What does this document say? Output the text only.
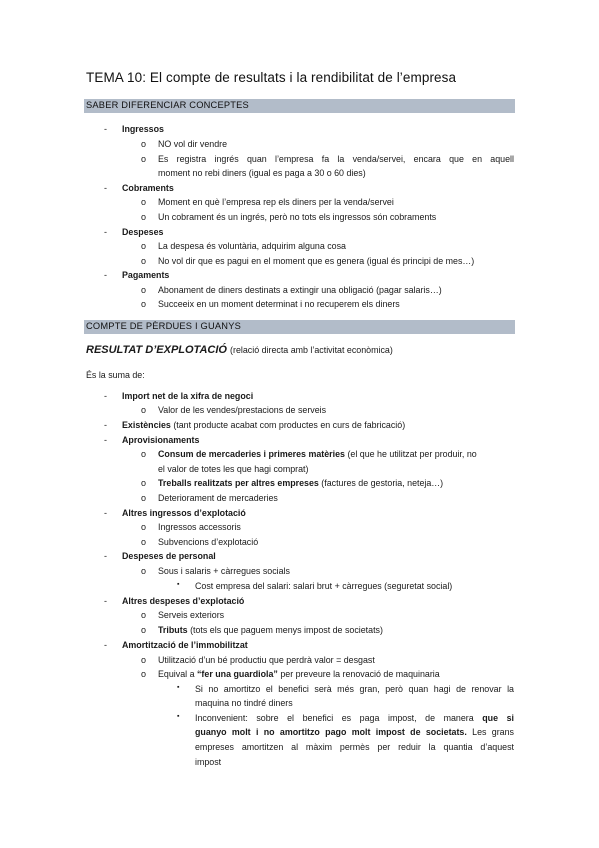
TEMA 10: El compte de resultats i la rendibilitat de l’empresa
SABER DIFERENCIAR CONCEPTES
- Ingressos
o NO vol dir vendre
o Es registra ingrés quan l’empresa fa la venda/servei, encara que en aquell
moment no rebi diners (igual es paga a 30 o 60 dies)
- Cobraments
o Moment en què l’empresa rep els diners per la venda/servei
o Un cobrament és un ingrés, però no tots els ingressos són cobraments
- Despeses
o La despesa és voluntària, adquirim alguna cosa
o No vol dir que es pagui en el moment que es genera (igual és principi de mes…)
- Pagaments
o Abonament de diners destinats a extingir una obligació (pagar salaris…)
o Succeeix en un moment determinat i no recuperem els diners
COMPTE DE PÈRDUES I GUANYS
RESULTAT D’EXPLOTACIÓ (relació directa amb l’activitat econòmica)
És la suma de:
- Import net de la xifra de negoci
o Valor de les vendes/prestacions de serveis
- Existències (tant producte acabat com productes en curs de fabricació)
- Aprovisionaments
o Consum de mercaderies i primeres matèries (el que he utilitzat per produir, no
el valor de totes les que hagi comprat)
o Treballs realitzats per altres empreses (factures de gestoria, neteja…)
o Deteriorament de mercaderies
- Altres ingressos d’explotació
o Ingressos accessoris
o Subvencions d’explotació
- Despeses de personal
o Sous i salaris + càrregues socials
▪ Cost empresa del salari: salari brut + càrregues (seguretat social)
- Altres despeses d’explotació
o Serveis exteriors
o Tributs (tots els que paguem menys impost de societats)
- Amortització de l’immobilitzat
o Utilització d’un bé productiu que perdrà valor = desgast
o Equival a “fer una guardiola” per preveure la renovació de maquinaria
▪ Si no amortitzo el benefici serà més gran, però quan hagi de renovar la
maquina no tindré diners
▪ Inconvenient: sobre el benefici es paga impost, de manera que si
guanyo molt i no amortitzo pago molt impost de societats. Les grans
empreses amortitzen al màxim permès per reduir la quantia d’aquest
impost
